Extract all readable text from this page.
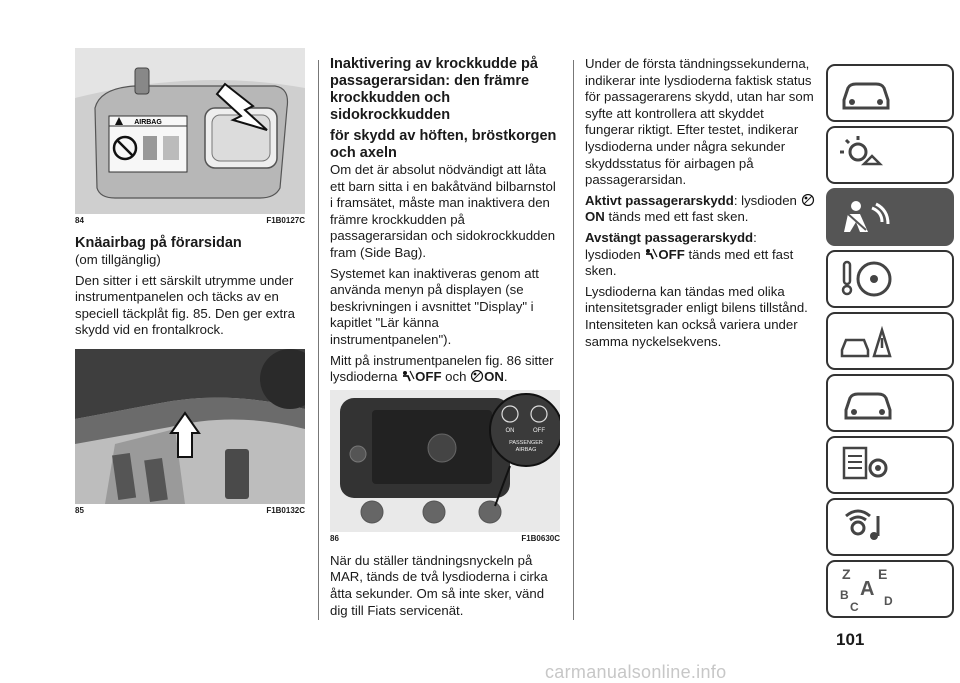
AIRBAG
84	F1B0127C
Knäairbag på förarsidan

(om tillgänglig)

Den sitter i ett särskilt utrymme under instrumentpanelen och täcks av en speciell täckplåt fig. 85. Den ger extra skydd vid en frontalkrock.

85	F1B0132C
Inaktivering av krockkudde på passagerarsidan: den främre krockkudden och sidokrockkudden
för skydd av höften, bröstkorgen och axeln

Om det är absolut nödvändigt att låta ett barn sitta i en bakåtvänd bilbarnstol i framsätet, måste man inaktivera den främre krockkudden på passagerarsidan och sidokrockkudden fram (Side Bag).

Systemet kan inaktiveras genom att använda menyn på displayen (se beskrivningen i avsnittet "Display" i kapitlet "Lär känna instrumentpanelen").

Mitt på instrumentpanelen fig. 86 sitter lysdioderna OFF och ON.

ON	OFF
PASSENGER
AIRBAG
86	F1B0630C

När du ställer tändningsnyckeln på MAR, tänds de två lysdioderna i cirka åtta sekunder. Om så inte sker, vänd dig till Fiats servicenät.

Under de första tändningssekunderna, indikerar inte lysdioderna faktisk status för passagerarens skydd, utan har som syfte att kontrollera att skyddet fungerar riktigt. Efter testet, indikerar lysdioderna under några sekunder skyddsstatus för airbagen på passagerarsidan.

Aktivt passagerarskydd: lysdioden ON tänds med ett fast sken.

Avstängt passagerarskydd:
lysdioden OFF tänds med ett fast sken.

Lysdioderna kan tändas med olika intensitetsgrader enligt bilens tillstånd. Intensiteten kan också variera under samma nyckelsekvens.

Z E
A
B
C D
101
carmanualsonline.info
